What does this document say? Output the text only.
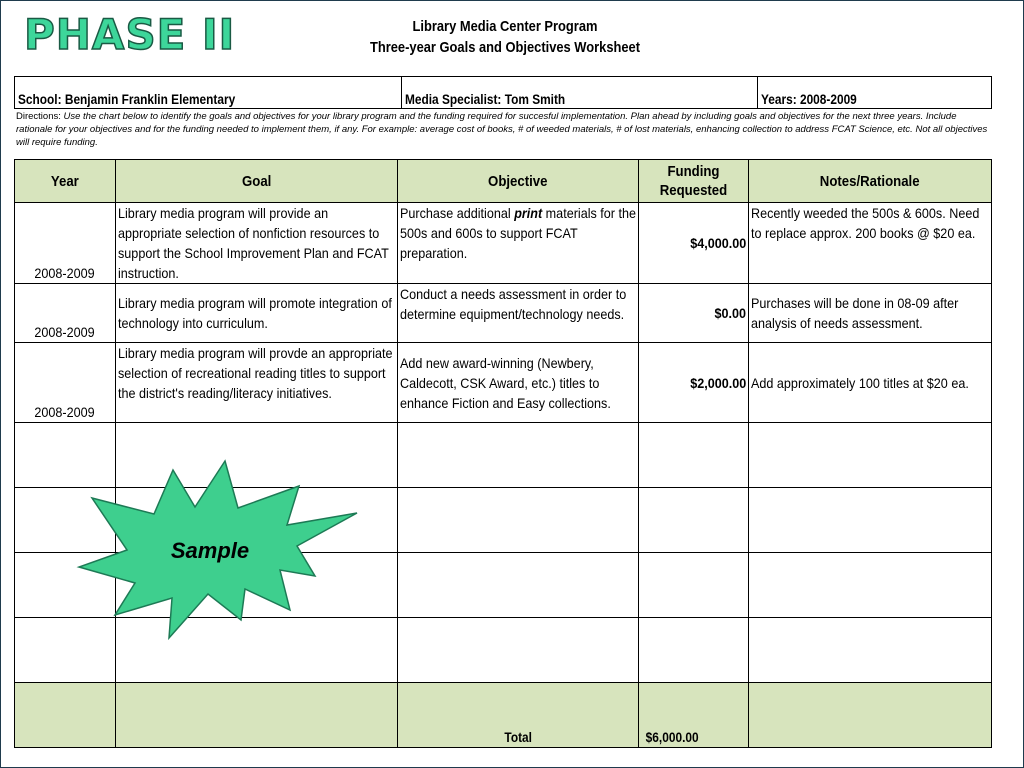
PHASE II	Library Media Center Program
Three-year Goals and Objectives Worksheet
School: Benjamin Franklin Elementary	Media Specialist: Tom Smith	Years: 2008-2009
Directions: Use the chart below to identify the goals and objectives for your library program and the funding required for succesful implementation. Plan ahead by including goals and objectives for the next three years. Include rationale for your objectives and for the funding needed to implement them, if any. For example: average cost of books, # of weeded materials, # of lost materials, enhancing collection to address FCAT Science, etc. Not all objectives will require funding.
Year	Goal	Objective	Funding Requested	Notes/Rationale
2008-2009	Library media program will provide an appropriate selection of nonfiction resources to support the School Improvement Plan and FCAT instruction.	Purchase additional print materials for the 500s and 600s to support FCAT preparation.	$4,000.00	Recently weeded the 500s & 600s. Need to replace approx. 200 books @ $20 ea.
2008-2009	Library media program will promote integration of technology into curriculum.	Conduct a needs assessment in order to determine equipment/technology needs.	$0.00	Purchases will be done in 08-09 after analysis of needs assessment.
2008-2009	Library media program will provde an appropriate selection of recreational reading titles to support the district's reading/literacy initiatives.	Add new award-winning (Newbery, Caldecott, CSK Award, etc.) titles to enhance Fiction and Easy collections.	$2,000.00	Add approximately 100 titles at $20 ea.

		Total	$6,000.00	
Sample
